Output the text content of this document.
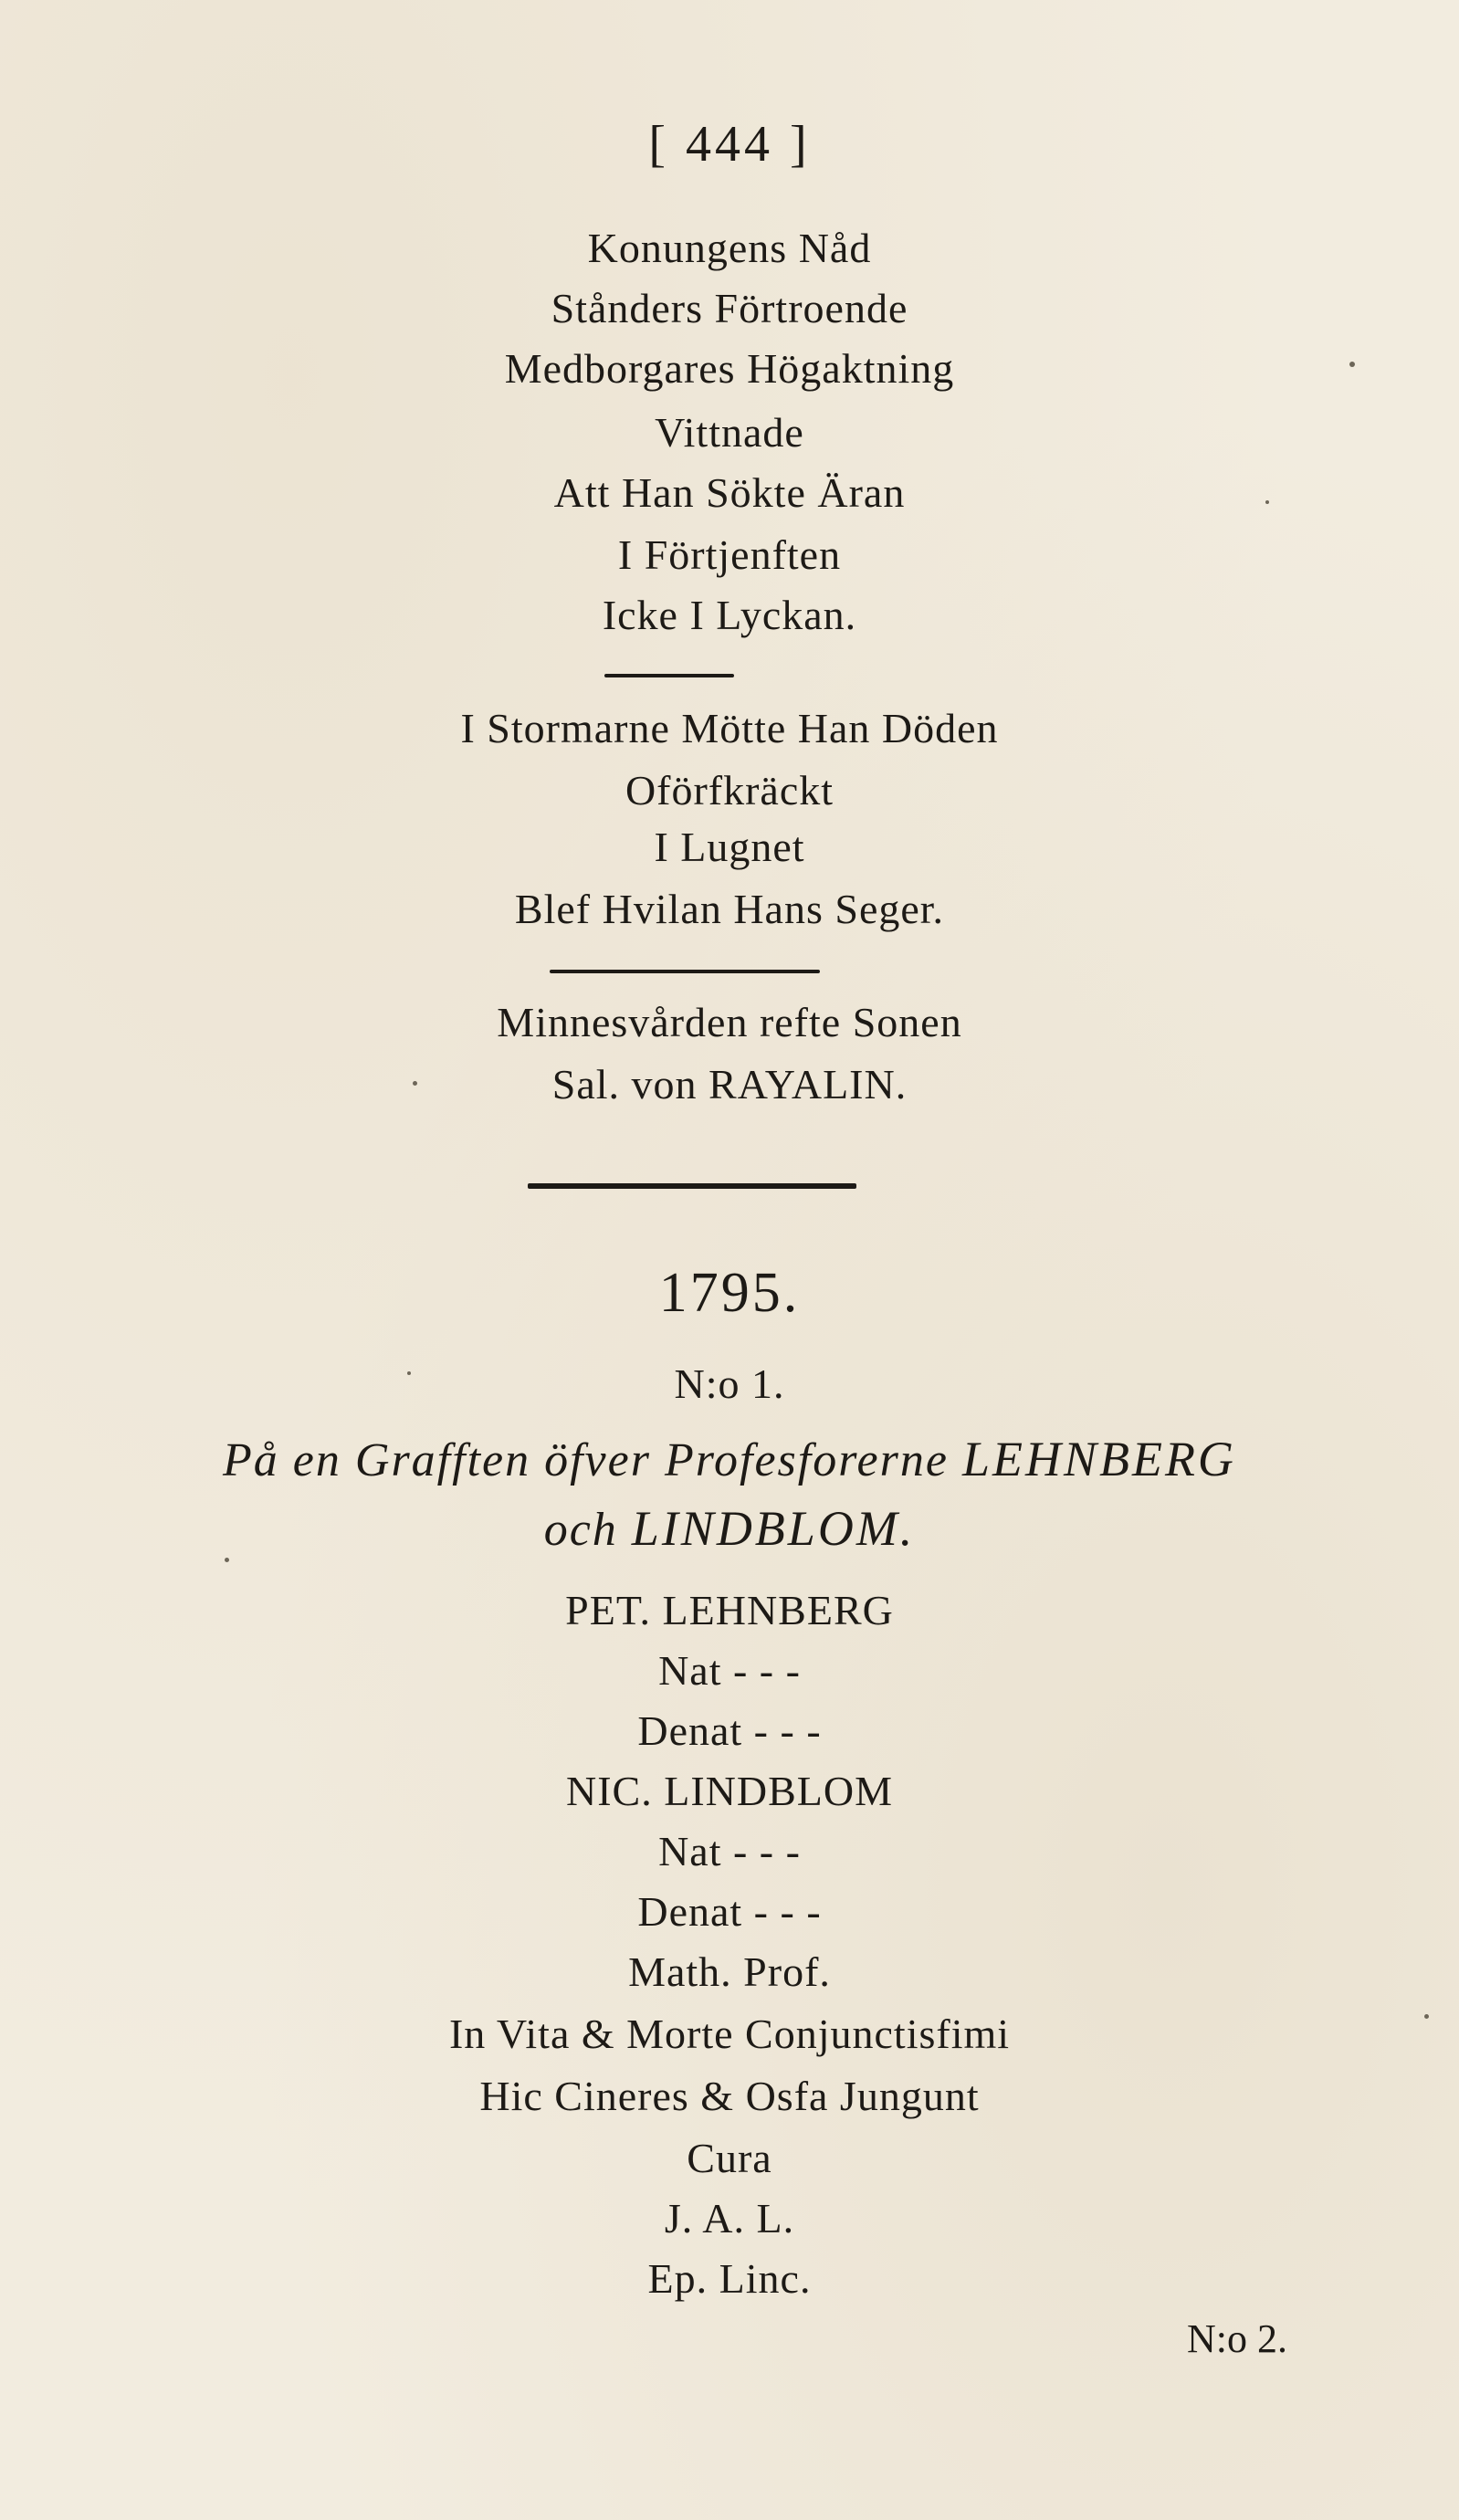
[ 444 ]
Konungens Nåd
Stånders Förtroende
Medborgares Högaktning
Vittnade
Att Han Sökte Äran
I Förtjenften
Icke I Lyckan.
I Stormarne Mötte Han Döden
Oförfkräckt
I Lugnet
Blef Hvilan Hans Seger.
Minnesvården refte Sonen
Sal. von RAYALIN.
1795.
N:o 1.
På en Grafften öfver Profesforerne LEHNBERG
och LINDBLOM.
PET. LEHNBERG
Nat - - -
Denat - - -
NIC. LINDBLOM
Nat - - -
Denat - - -
Math. Prof.
In Vita & Morte Conjunctisfimi
Hic Cineres & Osfa Jungunt
Cura
J. A. L.
Ep. Linc.
N:o 2.
